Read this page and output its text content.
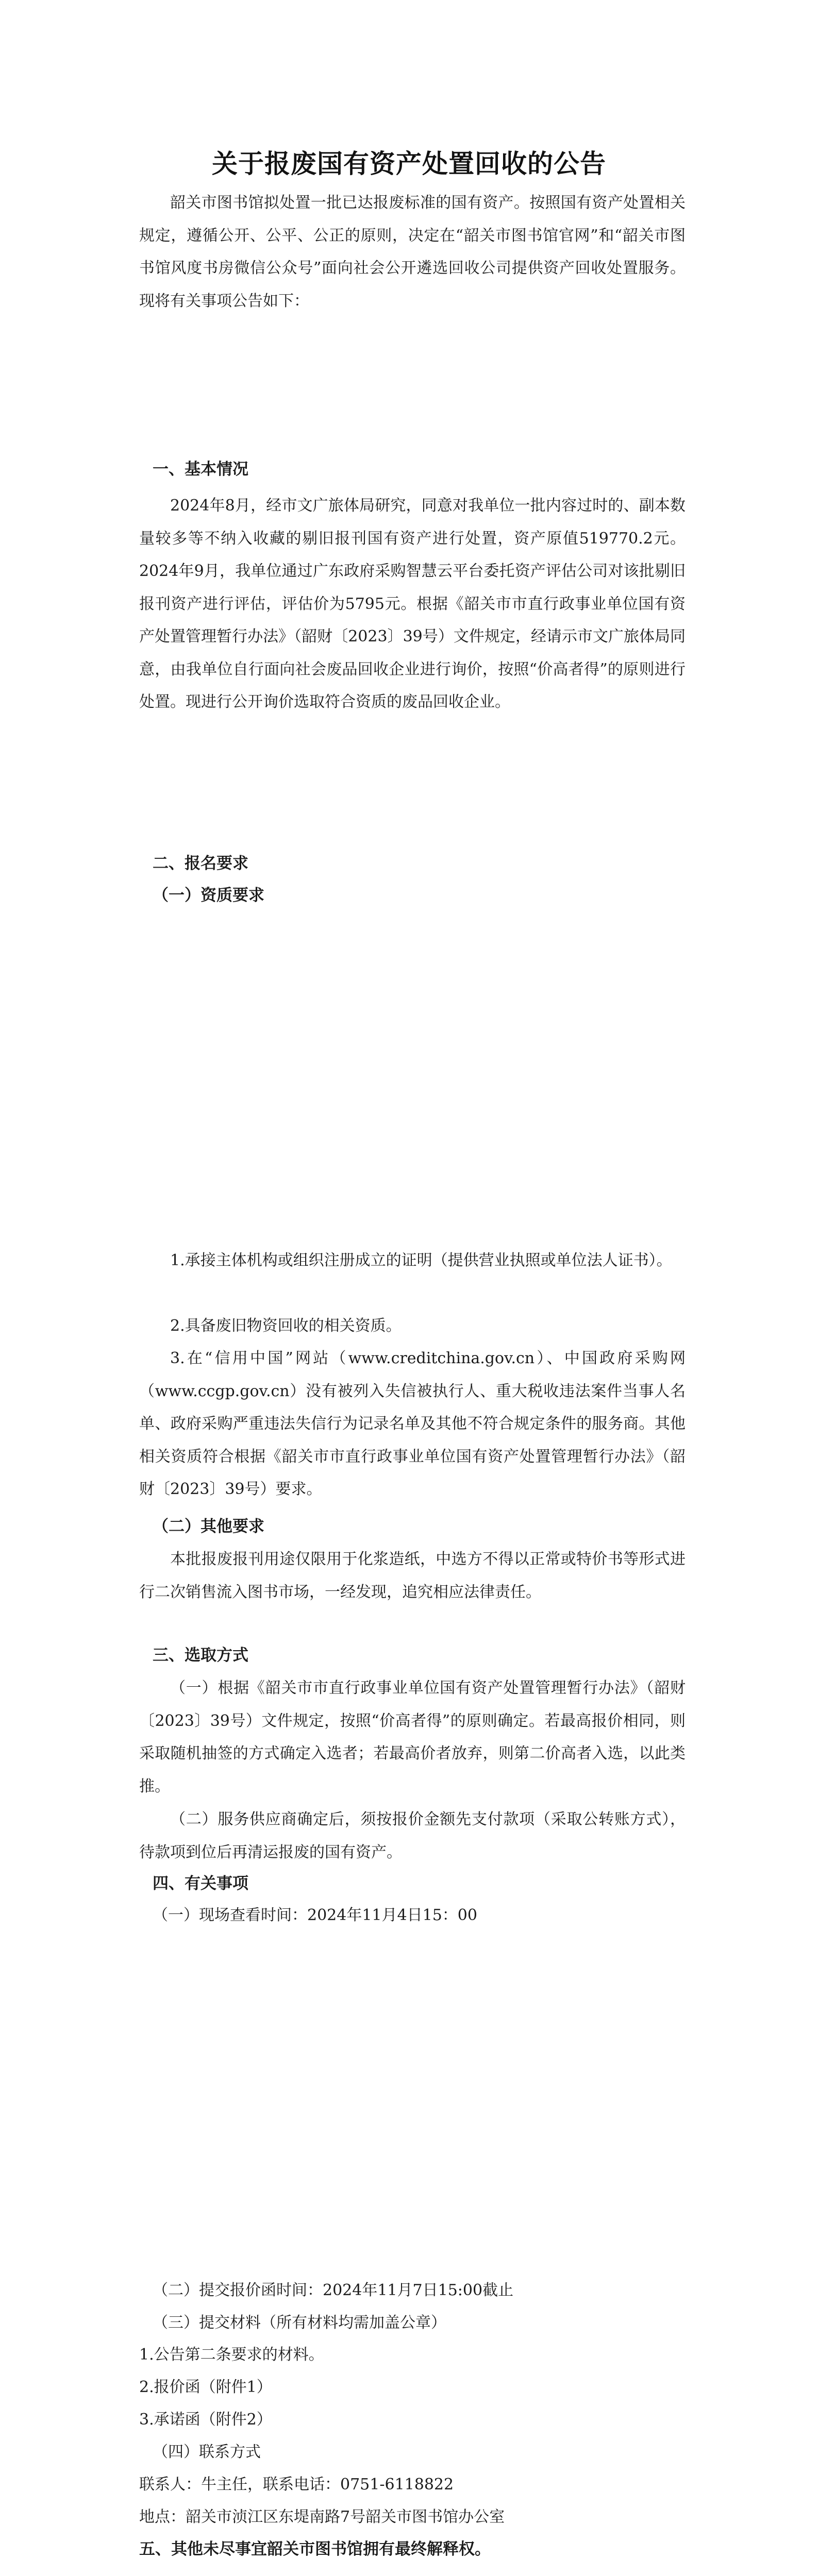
关于报废国有资产处置回收的公告

韶关市图书馆拟处置一批已达报废标准的国有资产。按照国有资产处置相关规定，遵循公开、公平、公正的原则，决定在“韶关市图书馆官网”和“韶关市图书馆风度书房微信公众号”面向社会公开遴选回收公司提供资产回收处置服务。现将有关事项公告如下：

一、基本情况

2024年8月，经市文广旅体局研究，同意对我单位一批内容过时的、副本数量较多等不纳入收藏的剔旧报刊国有资产进行处置，资产原值519770.2元。2024年9月，我单位通过广东政府采购智慧云平台委托资产评估公司对该批剔旧报刊资产进行评估，评估价为5795元。根据《韶关市市直行政事业单位国有资产处置管理暂行办法》（韶财〔2023〕39号）文件规定，经请示市文广旅体局同意，由我单位自行面向社会废品回收企业进行询价，按照“价高者得”的原则进行处置。现进行公开询价选取符合资质的废品回收企业。

二、报名要求

（一）资质要求

1.承接主体机构或组织注册成立的证明（提供营业执照或单位法人证书）。

2.具备废旧物资回收的相关资质。

3.在“信用中国”网站（www.creditchina.gov.cn）、中国政府采购网（www.ccgp.gov.cn）没有被列入失信被执行人、重大税收违法案件当事人名单、政府采购严重违法失信行为记录名单及其他不符合规定条件的服务商。其他相关资质符合根据《韶关市市直行政事业单位国有资产处置管理暂行办法》（韶财〔2023〕39号）要求。

（二）其他要求

本批报废报刊用途仅限用于化浆造纸，中选方不得以正常或特价书等形式进行二次销售流入图书市场，一经发现，追究相应法律责任。

三、选取方式

（一）根据《韶关市市直行政事业单位国有资产处置管理暂行办法》（韶财〔2023〕39号）文件规定，按照“价高者得”的原则确定。若最高报价相同，则采取随机抽签的方式确定入选者；若最高价者放弃，则第二价高者入选，以此类推。

（二）服务供应商确定后，须按报价金额先支付款项（采取公转账方式），待款项到位后再清运报废的国有资产。

四、有关事项

（一）现场查看时间：2024年11月4日15：00

（二）提交报价函时间：2024年11月7日15:00截止

（三）提交材料（所有材料均需加盖公章）

1.公告第二条要求的材料。

2.报价函（附件1）

3.承诺函（附件2）

（四）联系方式

联系人：牛主任，联系电话：0751-6118822

地点：韶关市浈江区东堤南路7号韶关市图书馆办公室

五、其他未尽事宜韶关市图书馆拥有最终解释权。
